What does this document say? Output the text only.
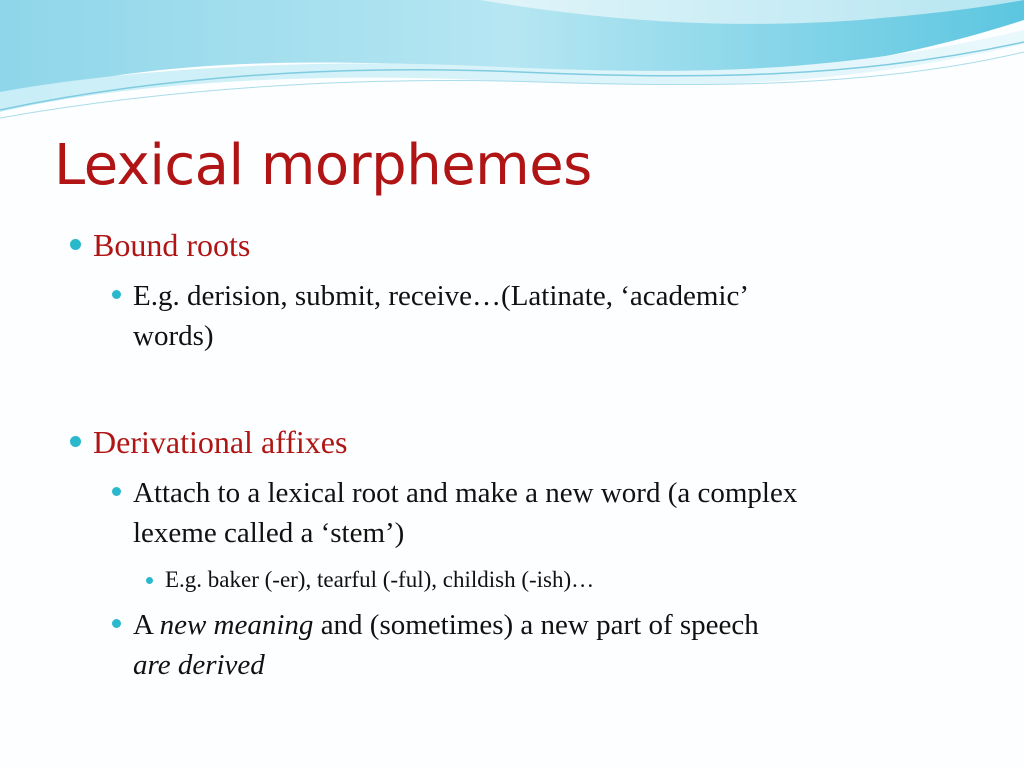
Lexical morphemes

Bound roots

E.g. derision, submit, receive…(Latinate, ‘academic’
words)

Derivational affixes

Attach to a lexical root and make a new word (a complex
lexeme called a ‘stem’)

E.g. baker (-er), tearful (-ful), childish (-ish)…

A new meaning and (sometimes) a new part of speech
are derived
